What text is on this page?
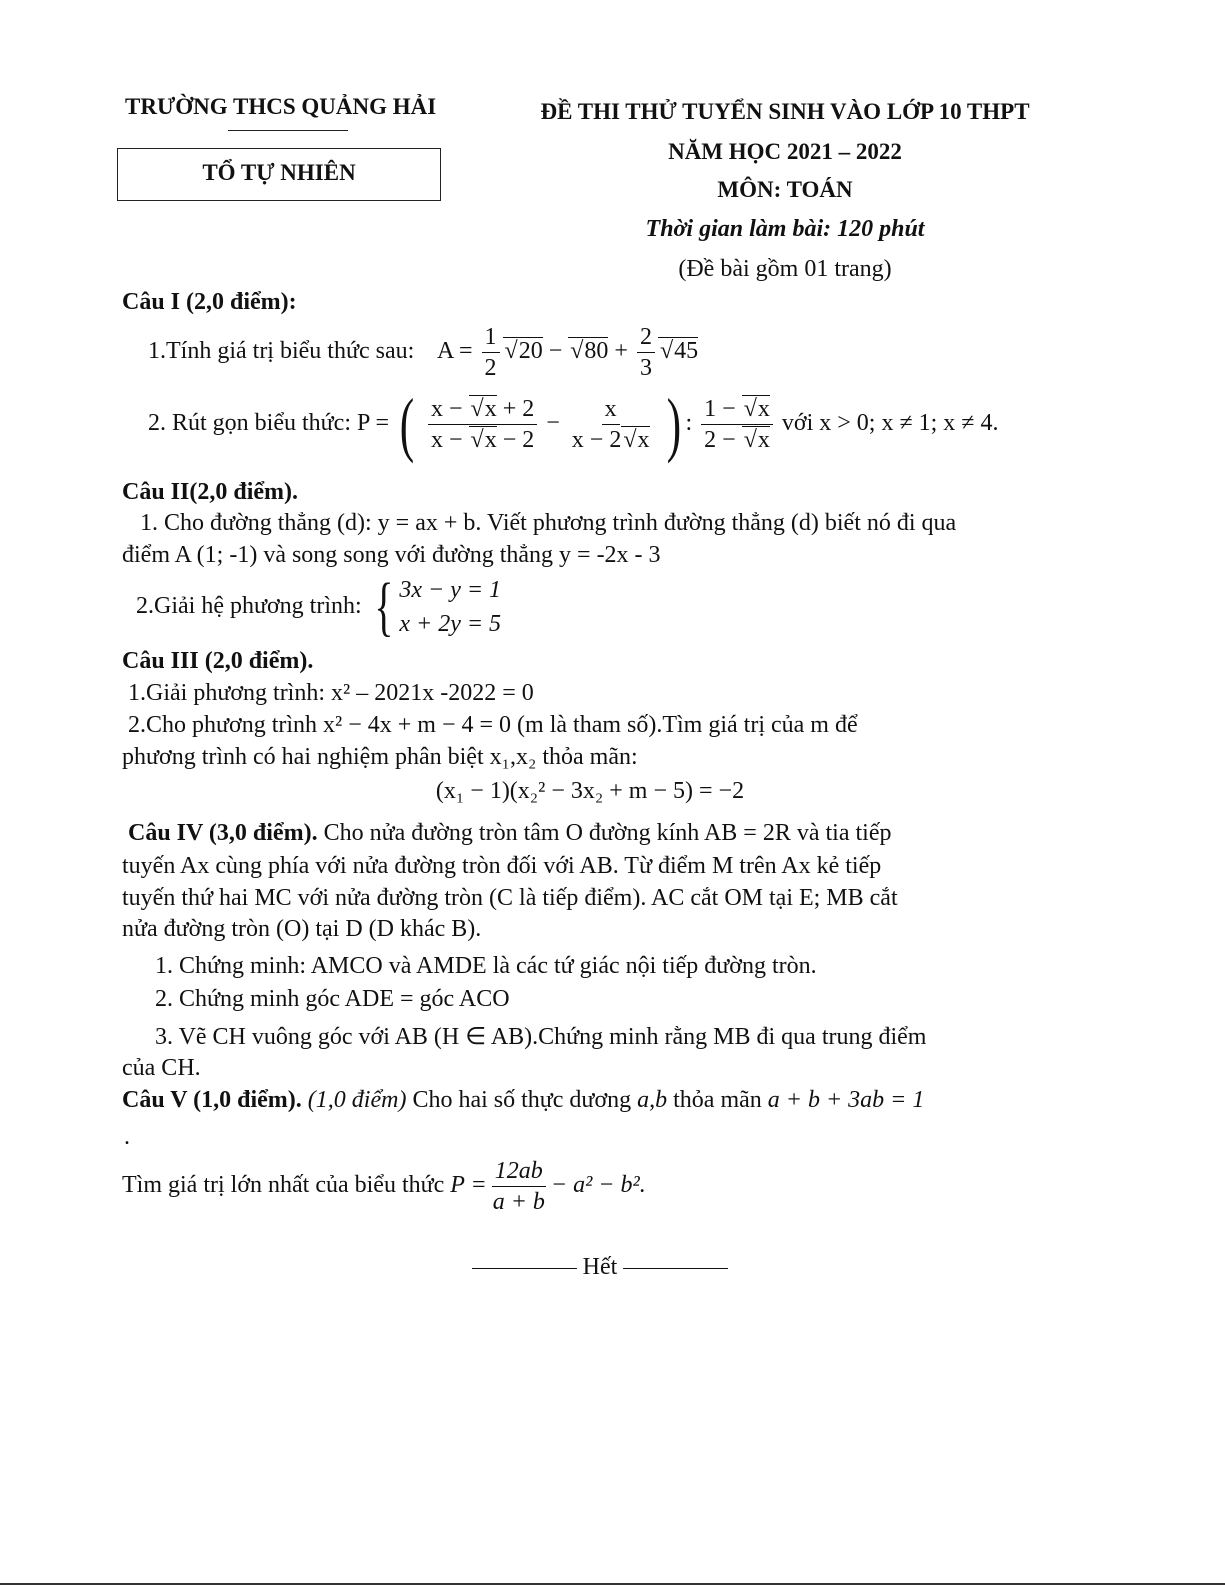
TRƯỜNG THCS QUẢNG HẢI
TỔ TỰ NHIÊN
ĐỀ THI THỬ TUYỂN SINH VÀO LỚP 10 THPT
NĂM HỌC 2021 – 2022
MÔN: TOÁN
Thời gian làm bài: 120 phút
(Đề bài gồm 01 trang)
Câu I (2,0 điểm):
1.Tính giá trị biểu thức sau: $A = \frac{1}{2}$ √ 20 − √ $80 + \frac{2}{3}$ √ 45
2. Rút gọn biểu thức: P = ( $\frac{x - √ x + 2}{x - √ x - 2} - \frac{x}{x - 2 √ x}$ ) : $\frac{1 - √ x}{2 - √ x}$ với x > 0; x ≠ 1; x ≠ 4.
Câu II(2,0 điểm).
1. Cho đường thẳng (d): y = ax + b. Viết phương trình đường thẳng (d) biết nó đi qua
điểm A (1; -1) và song song với đường thẳng y = -2x - 3
2.Giải hệ phương trình: { 3x − y = 1
x + 2y = 5
Câu III (2,0 điểm).
1.Giải phương trình: x² – 2021x -2022 = 0
2.Cho phương trình x² − 4x + m − 4 = 0 (m là tham số).Tìm giá trị của m để
phương trình có hai nghiệm phân biệt x₁,x₂ thỏa mãn:
(x₁ − 1)(x₂² − 3x₂ + m − 5) = −2
Câu IV (3,0 điểm). Cho nửa đường tròn tâm O đường kính AB = 2R và tia tiếp
tuyến Ax cùng phía với nửa đường tròn đối với AB. Từ điểm M trên Ax kẻ tiếp
tuyến thứ hai MC với nửa đường tròn (C là tiếp điểm). AC cắt OM tại E; MB cắt
nửa đường tròn (O) tại D (D khác B).
1. Chứng minh: AMCO và AMDE là các tứ giác nội tiếp đường tròn.
2. Chứng minh góc ADE = góc ACO
3. Vẽ CH vuông góc với AB (H ∈ AB).Chứng minh rằng MB đi qua trung điểm
của CH.
Câu V (1,0 điểm). (1,0 điểm) Cho hai số thực dương a,b thỏa mãn a + b + 3ab = 1
.
Tìm giá trị lớn nhất của biểu thức $P = \frac{12ab}{a + b} - a^2 - b^2$.
Hết
